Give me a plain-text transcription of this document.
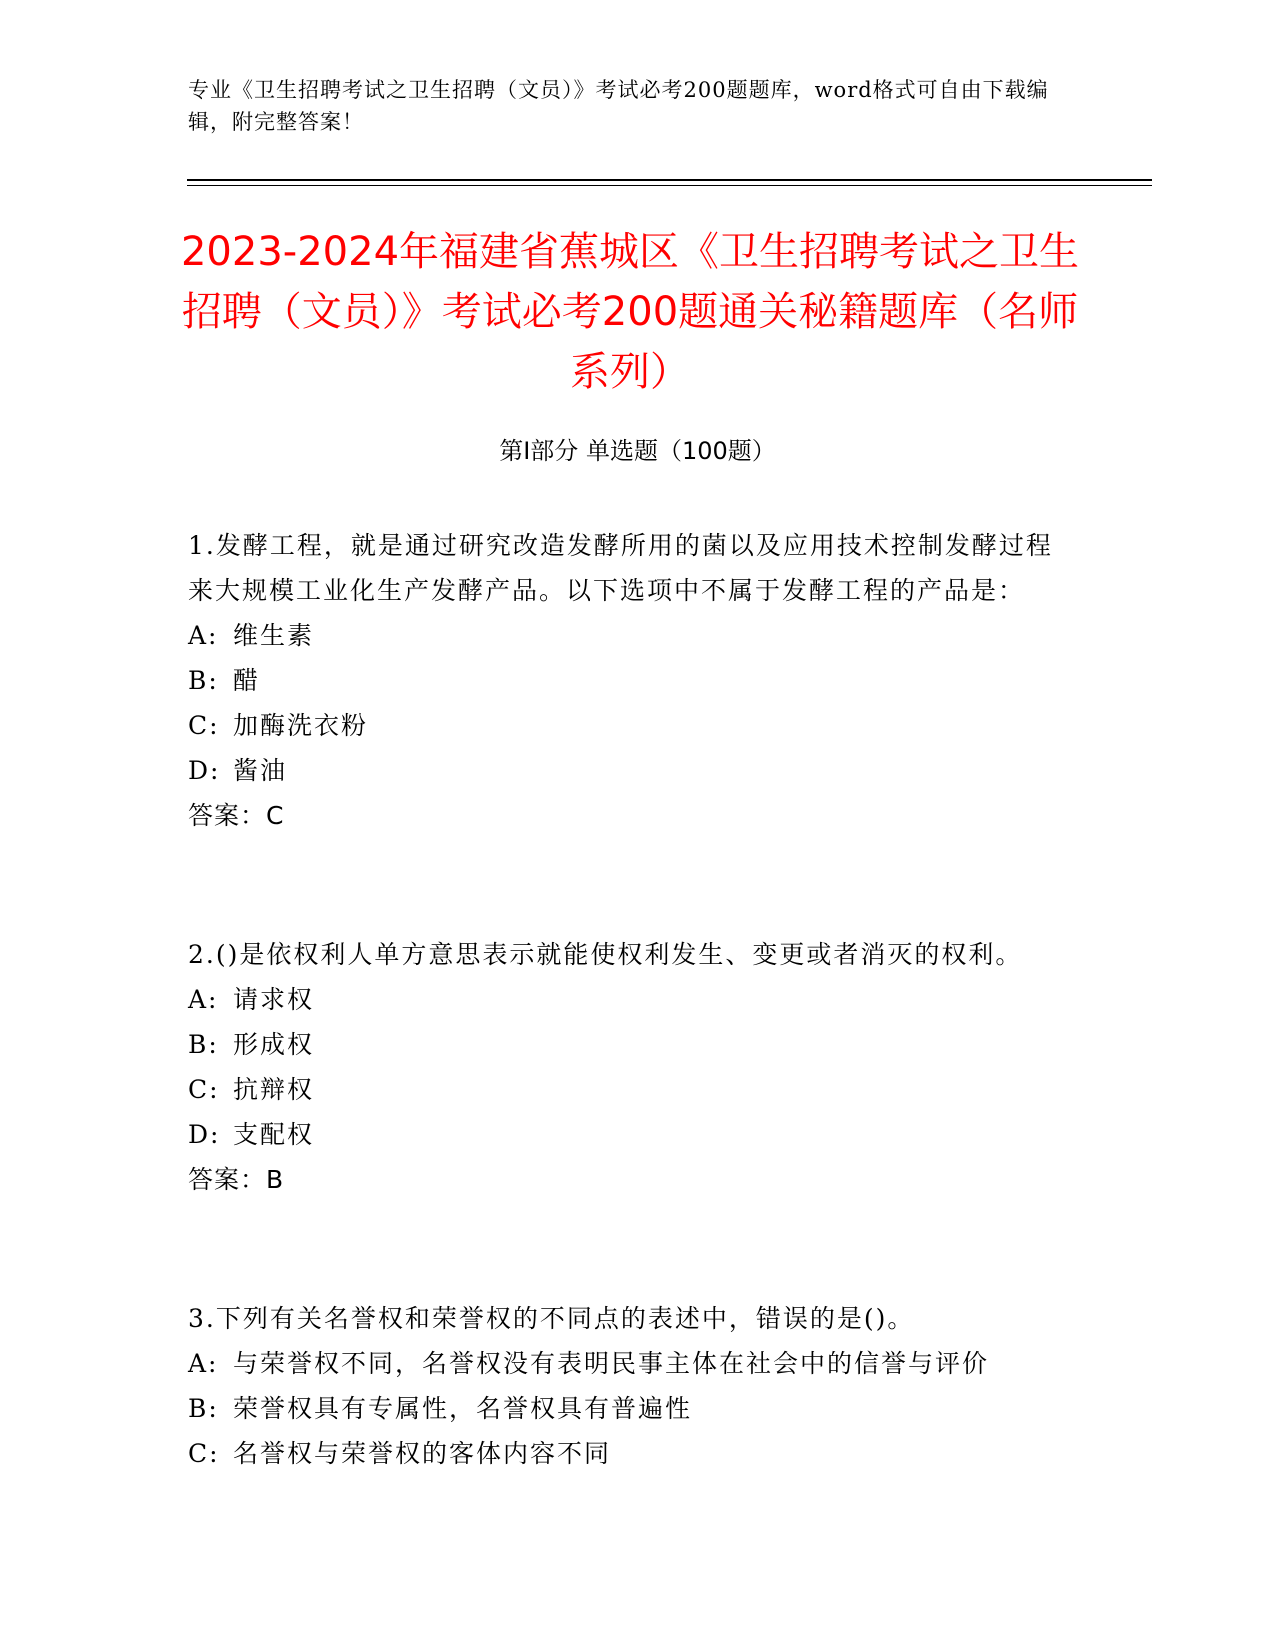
专业《卫生招聘考试之卫生招聘（文员）》考试必考200题题库，word格式可自由下载编辑，附完整答案！
2023-2024年福建省蕉城区《卫生招聘考试之卫生招聘（文员）》考试必考200题通关秘籍题库（名师系列）
第Ⅰ部分 单选题（100题）

1.发酵工程，就是通过研究改造发酵所用的菌以及应用技术控制发酵过程来大规模工业化生产发酵产品。以下选项中不属于发酵工程的产品是：

A: 维生素

B: 醋

C: 加酶洗衣粉

D: 酱油

答案：C

2.()是依权利人单方意思表示就能使权利发生、变更或者消灭的权利。

A: 请求权

B: 形成权

C: 抗辩权

D: 支配权

答案：B

3.下列有关名誉权和荣誉权的不同点的表述中，错误的是()。

A: 与荣誉权不同，名誉权没有表明民事主体在社会中的信誉与评价

B: 荣誉权具有专属性，名誉权具有普遍性

C: 名誉权与荣誉权的客体内容不同
